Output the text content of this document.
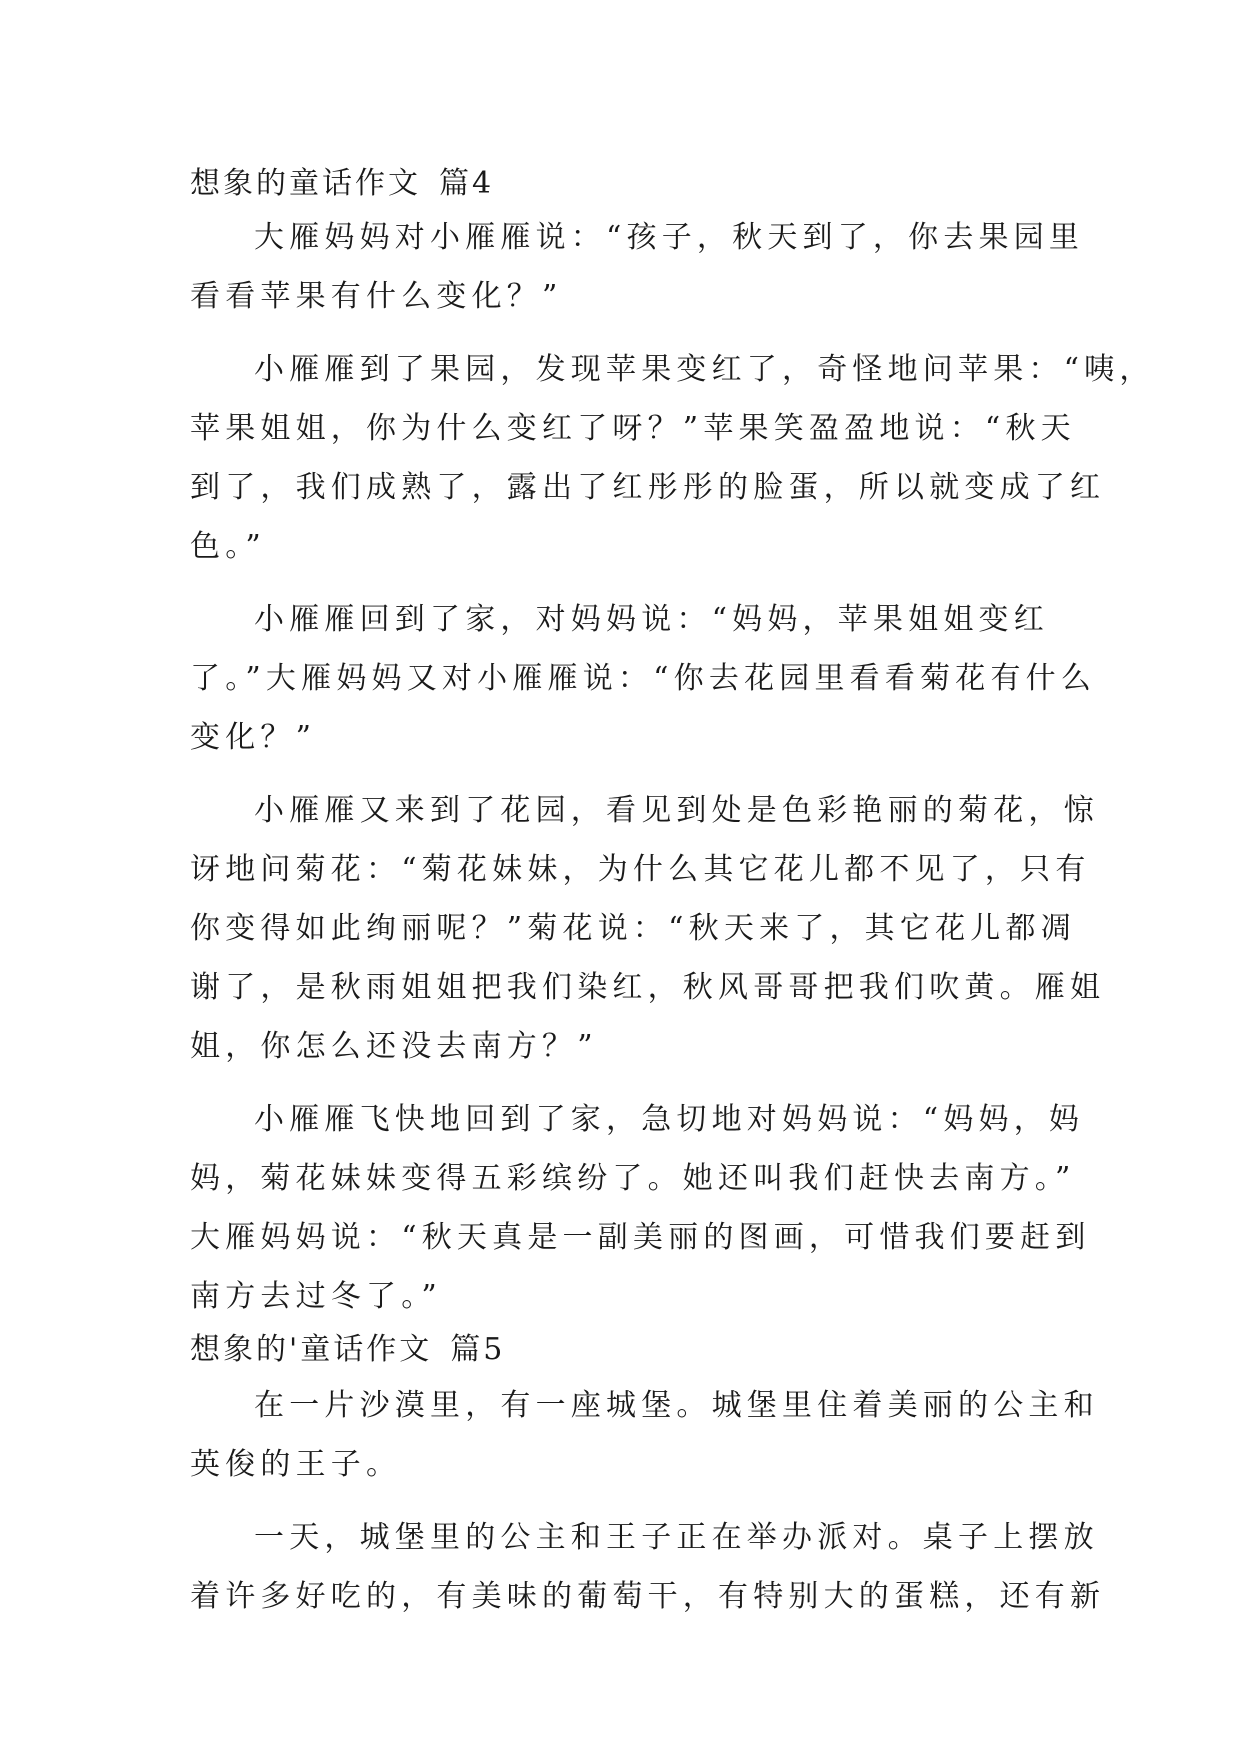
想象的童话作文 篇4

大雁妈妈对小雁雁说：“孩子，秋天到了，你去果园里
看看苹果有什么变化？”

小雁雁到了果园，发现苹果变红了，奇怪地问苹果：“咦，
苹果姐姐，你为什么变红了呀？”苹果笑盈盈地说：“秋天
到了，我们成熟了，露出了红彤彤的脸蛋，所以就变成了红
色。”

小雁雁回到了家，对妈妈说：“妈妈，苹果姐姐变红
了。”大雁妈妈又对小雁雁说：“你去花园里看看菊花有什么
变化？”

小雁雁又来到了花园，看见到处是色彩艳丽的菊花，惊
讶地问菊花：“菊花妹妹，为什么其它花儿都不见了，只有
你变得如此绚丽呢？”菊花说：“秋天来了，其它花儿都凋
谢了，是秋雨姐姐把我们染红，秋风哥哥把我们吹黄。雁姐
姐，你怎么还没去南方？”

小雁雁飞快地回到了家，急切地对妈妈说：“妈妈，妈
妈，菊花妹妹变得五彩缤纷了。她还叫我们赶快去南方。”
大雁妈妈说：“秋天真是一副美丽的图画，可惜我们要赶到
南方去过冬了。”

想象的'童话作文 篇5

在一片沙漠里，有一座城堡。城堡里住着美丽的公主和
英俊的王子。

一天，城堡里的公主和王子正在举办派对。桌子上摆放
着许多好吃的，有美味的葡萄干，有特别大的蛋糕，还有新
